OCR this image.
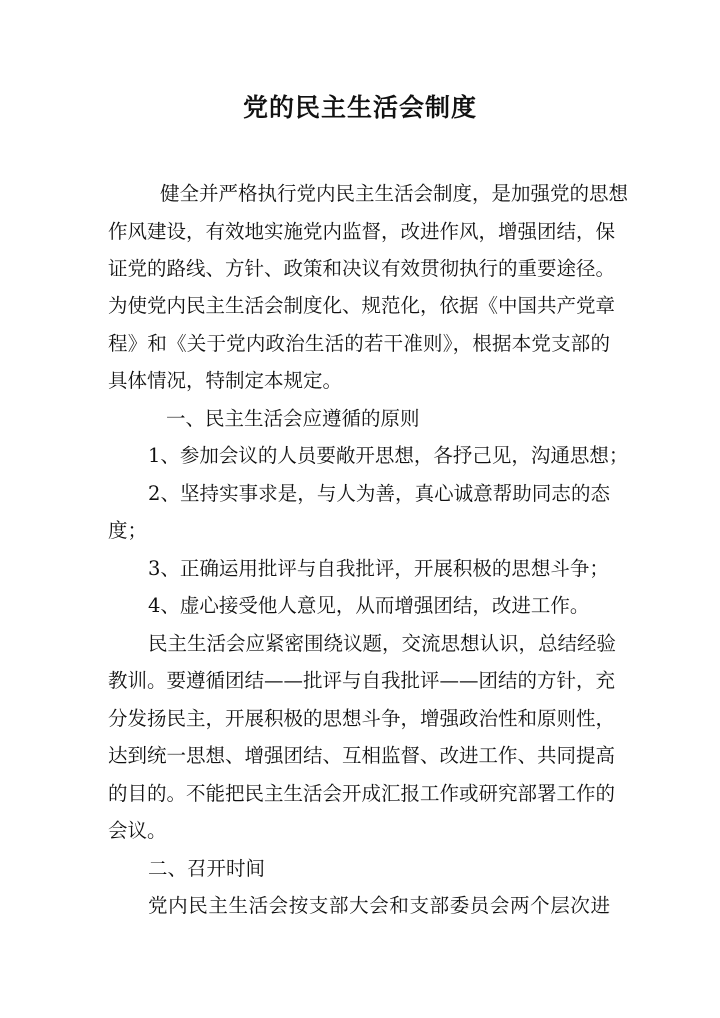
党的民主生活会制度

健全并严格执行党内民主生活会制度，是加强党的思想

作风建设，有效地实施党内监督，改进作风，增强团结，保

证党的路线、方针、政策和决议有效贯彻执行的重要途径。

为使党内民主生活会制度化、规范化，依据《中国共产党章

程》和《关于党内政治生活的若干准则》，根据本党支部的

具体情况，特制定本规定。

一、民主生活会应遵循的原则

1、参加会议的人员要敞开思想，各抒己见，沟通思想；

2、坚持实事求是，与人为善，真心诚意帮助同志的态

度；

3、正确运用批评与自我批评，开展积极的思想斗争；

4、虚心接受他人意见，从而增强团结，改进工作。

民主生活会应紧密围绕议题，交流思想认识，总结经验

教训。要遵循团结——批评与自我批评——团结的方针，充

分发扬民主，开展积极的思想斗争，增强政治性和原则性，

达到统一思想、增强团结、互相监督、改进工作、共同提高

的目的。不能把民主生活会开成汇报工作或研究部署工作的

会议。

二、召开时间

党内民主生活会按支部大会和支部委员会两个层次进
